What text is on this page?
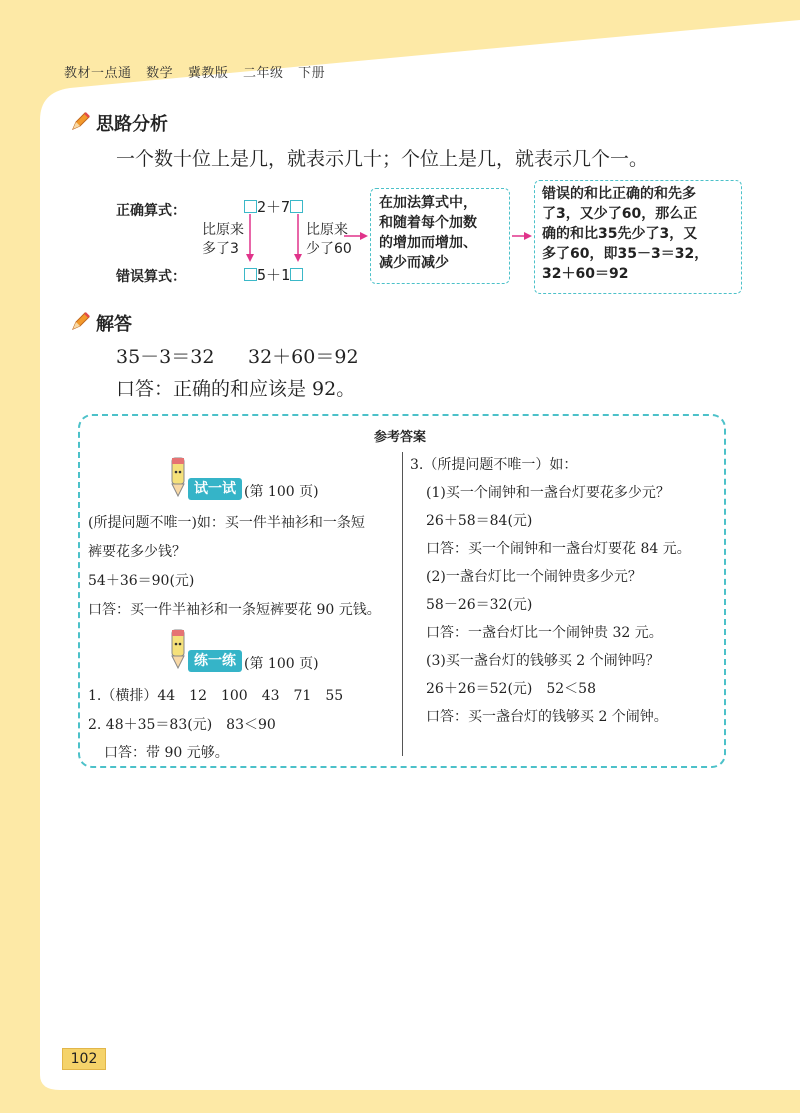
教材一点通 数学 冀教版 二年级 下册
思路分析
一个数十位上是几，就表示几十；个位上是几，就表示几个一。
正确算式：
错误算式：
2＋7
5＋1
比原来
多了3
比原来
少了60
在加法算式中，
和随着每个加数
的增加而增加、
减少而减少
错误的和比正确的和先多
了3，又少了60，那么正
确的和比35先少了3，又
多了60，即35－3＝32，
32＋60＝92
解答
35－3＝32 32＋60＝92
口答：正确的和应该是 92。
参考答案
试一试 (第 100 页)
(所提问题不唯一)如：买一件半袖衫和一条短
裤要花多少钱？
54＋36＝90(元)
口答：买一件半袖衫和一条短裤要花 90 元钱。
练一练 (第 100 页)
1.（横排）44　12　100　43　71　55
2. 48＋35＝83(元)　83＜90
口答：带 90 元够。
3.（所提问题不唯一）如：
(1)买一个闹钟和一盏台灯要花多少元？
26＋58＝84(元)
口答：买一个闹钟和一盏台灯要花 84 元。
(2)一盏台灯比一个闹钟贵多少元？
58－26＝32(元)
口答：一盏台灯比一个闹钟贵 32 元。
(3)买一盏台灯的钱够买 2 个闹钟吗？
26＋26＝52(元)　52＜58
口答：买一盏台灯的钱够买 2 个闹钟。
102
